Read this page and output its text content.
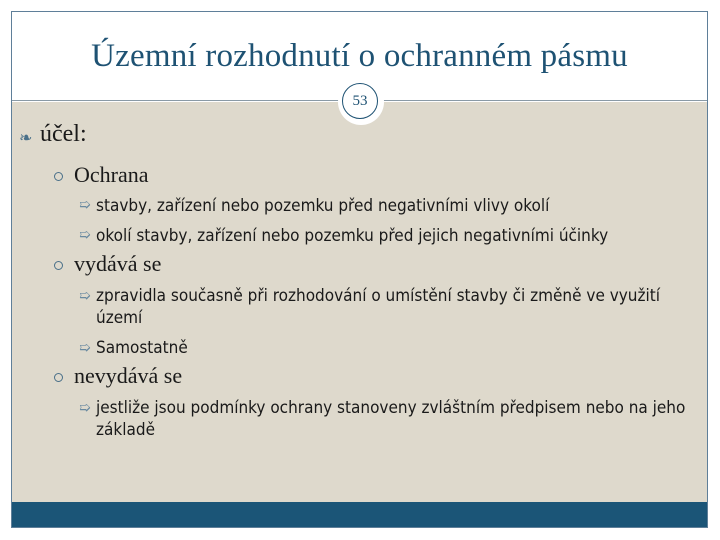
Územní rozhodnutí o ochranném pásmu
53
❧ účel:
Ochrana
➯ stavby, zařízení nebo pozemku před negativními vlivy okolí
➯ okolí stavby, zařízení nebo pozemku před jejich negativními účinky
vydává se
➯ zpravidla současně při rozhodování o umístění stavby či změně ve využití území
➯ Samostatně
nevydává se
➯ jestliže jsou podmínky ochrany stanoveny zvláštním předpisem nebo na jeho základě
